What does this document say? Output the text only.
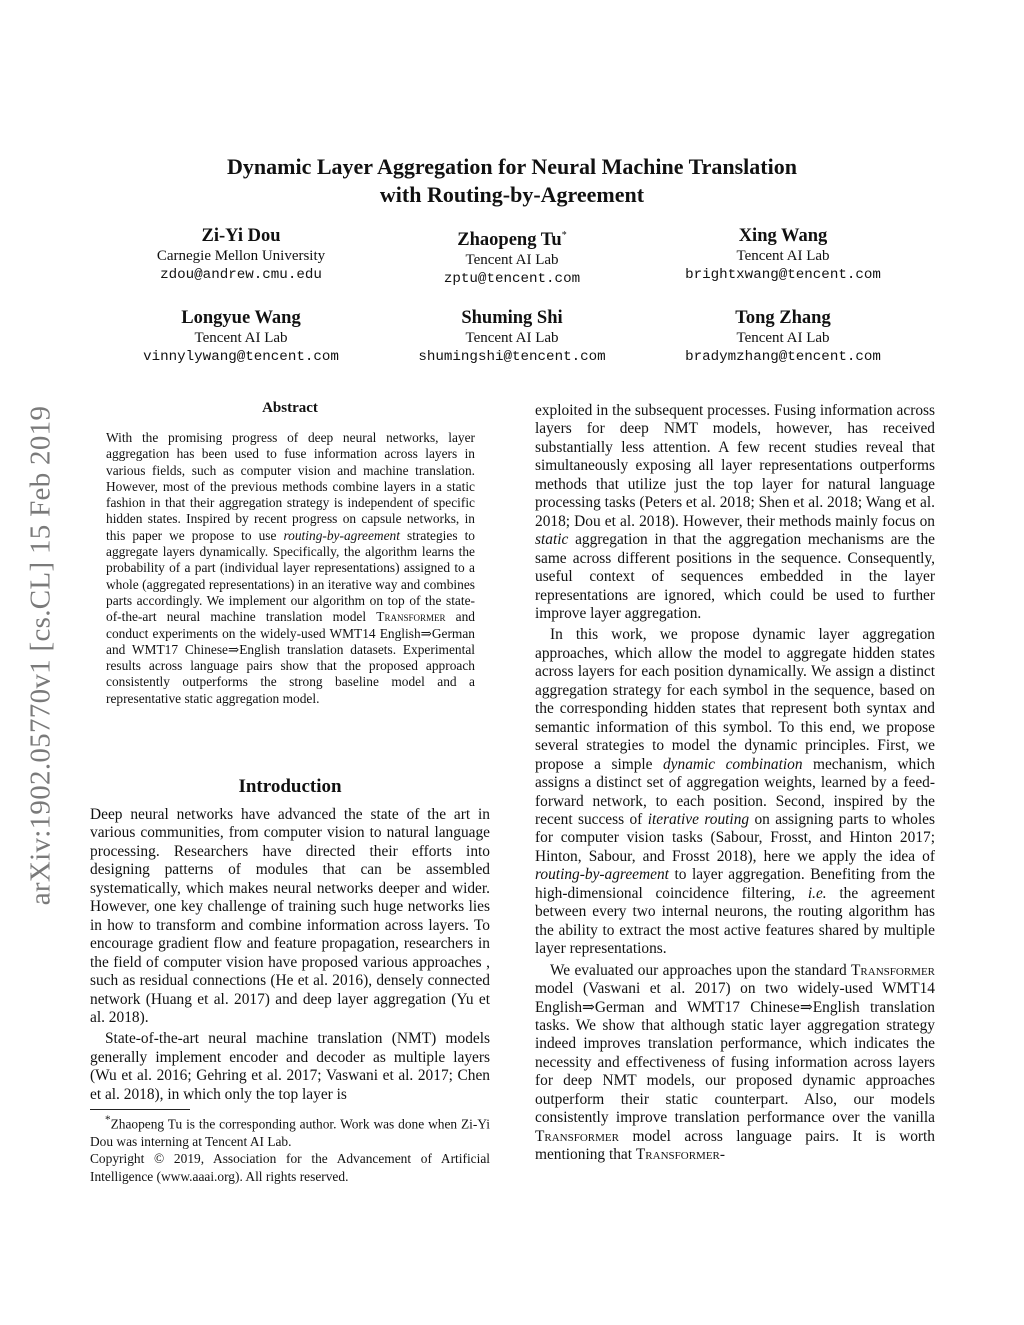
arXiv:1902.05770v1 [cs.CL] 15 Feb 2019
Dynamic Layer Aggregation for Neural Machine Translation
with Routing-by-Agreement
Zi-Yi Dou
Carnegie Mellon University
zdou@andrew.cmu.edu
Zhaopeng Tu*
Tencent AI Lab
zptu@tencent.com
Xing Wang
Tencent AI Lab
brightxwang@tencent.com
Longyue Wang
Tencent AI Lab
vinnylywang@tencent.com
Shuming Shi
Tencent AI Lab
shumingshi@tencent.com
Tong Zhang
Tencent AI Lab
bradymzhang@tencent.com
Abstract
With the promising progress of deep neural networks, layer aggregation has been used to fuse information across layers in various fields, such as computer vision and machine translation. However, most of the previous methods combine layers in a static fashion in that their aggregation strategy is independent of specific hidden states. Inspired by recent progress on capsule networks, in this paper we propose to use routing-by-agreement strategies to aggregate layers dynamically. Specifically, the algorithm learns the probability of a part (individual layer representations) assigned to a whole (aggregated representations) in an iterative way and combines parts accordingly. We implement our algorithm on top of the state-of-the-art neural machine translation model Transformer and conduct experiments on the widely-used WMT14 English⇒German and WMT17 Chinese⇒English translation datasets. Experimental results across language pairs show that the proposed approach consistently outperforms the strong baseline model and a representative static aggregation model.
Introduction

Deep neural networks have advanced the state of the art in various communities, from computer vision to natural language processing. Researchers have directed their efforts into designing patterns of modules that can be assembled systematically, which makes neural networks deeper and wider. However, one key challenge of training such huge networks lies in how to transform and combine information across layers. To encourage gradient flow and feature propagation, researchers in the field of computer vision have proposed various approaches , such as residual connections (He et al. 2016), densely connected network (Huang et al. 2017) and deep layer aggregation (Yu et al. 2018).

State-of-the-art neural machine translation (NMT) models generally implement encoder and decoder as multiple layers (Wu et al. 2016; Gehring et al. 2017; Vaswani et al. 2017; Chen et al. 2018), in which only the top layer is

*Zhaopeng Tu is the corresponding author. Work was done when Zi-Yi Dou was interning at Tencent AI Lab.

Copyright © 2019, Association for the Advancement of Artificial Intelligence (www.aaai.org). All rights reserved.

exploited in the subsequent processes. Fusing information across layers for deep NMT models, however, has received substantially less attention. A few recent studies reveal that simultaneously exposing all layer representations outperforms methods that utilize just the top layer for natural language processing tasks (Peters et al. 2018; Shen et al. 2018; Wang et al. 2018; Dou et al. 2018). However, their methods mainly focus on static aggregation in that the aggregation mechanisms are the same across different positions in the sequence. Consequently, useful context of sequences embedded in the layer representations are ignored, which could be used to further improve layer aggregation.

In this work, we propose dynamic layer aggregation approaches, which allow the model to aggregate hidden states across layers for each position dynamically. We assign a distinct aggregation strategy for each symbol in the sequence, based on the corresponding hidden states that represent both syntax and semantic information of this symbol. To this end, we propose several strategies to model the dynamic principles. First, we propose a simple dynamic combination mechanism, which assigns a distinct set of aggregation weights, learned by a feed-forward network, to each position. Second, inspired by the recent success of iterative routing on assigning parts to wholes for computer vision tasks (Sabour, Frosst, and Hinton 2017; Hinton, Sabour, and Frosst 2018), here we apply the idea of routing-by-agreement to layer aggregation. Benefiting from the high-dimensional coincidence filtering, i.e. the agreement between every two internal neurons, the routing algorithm has the ability to extract the most active features shared by multiple layer representations.

We evaluated our approaches upon the standard Transformer model (Vaswani et al. 2017) on two widely-used WMT14 English⇒German and WMT17 Chinese⇒English translation tasks. We show that although static layer aggregation strategy indeed improves translation performance, which indicates the necessity and effectiveness of fusing information across layers for deep NMT models, our proposed dynamic approaches outperform their static counterpart. Also, our models consistently improve translation performance over the vanilla Transformer model across language pairs. It is worth mentioning that Transformer-
